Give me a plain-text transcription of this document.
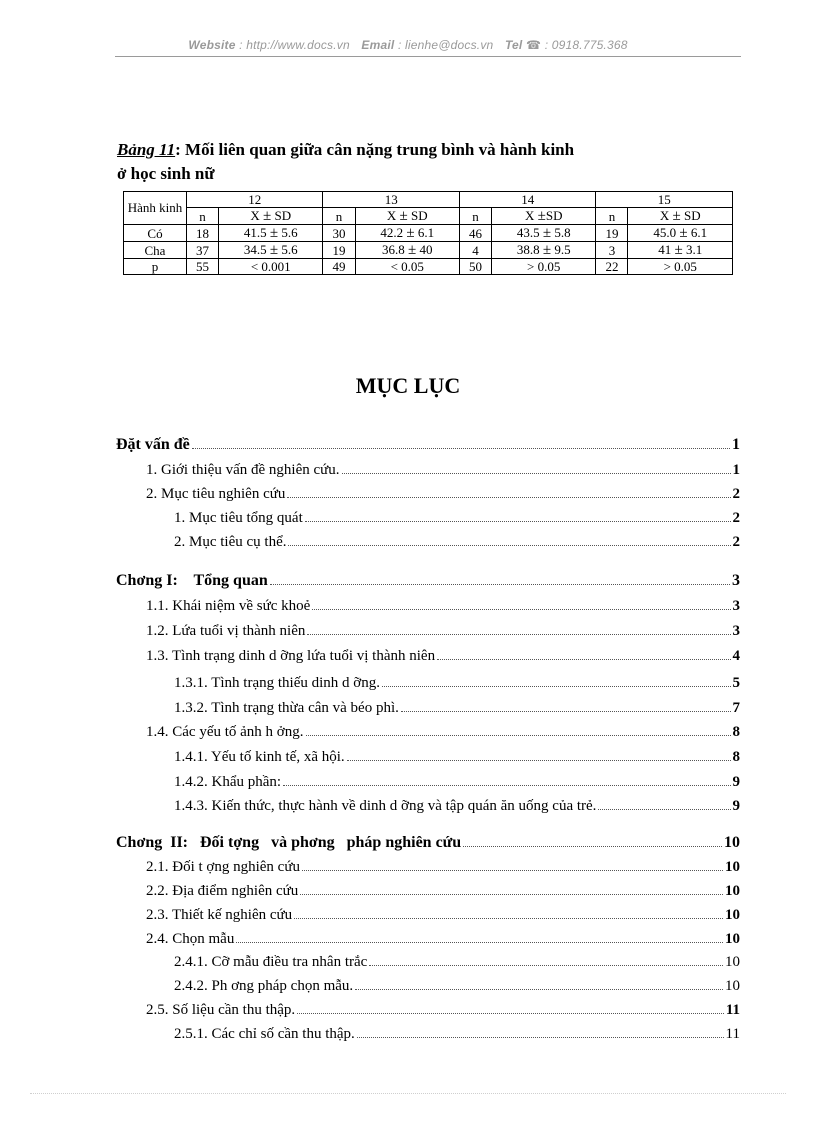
Website : http://www.docs.vn Email : lienhe@docs.vn Tel ☎ : 0918.775.368
Bảng 11: Mối liên quan giữa cân nặng trung bình và hành kinh
ở học sinh nữ
Hành kinh	12		13		14		15	
	n	X ± SD	n	X ± SD	n	X ±SD	n	X ± SD
Có	18	41.5 ± 5.6	30	42.2 ± 6.1	46	43.5 ± 5.8	19	45.0 ± 6.1
Cha	37	34.5 ± 5.6	19	36.8 ± 40	4	38.8 ± 9.5	3	41 ± 3.1
p	55	< 0.001	49	< 0.05	50	> 0.05	22	> 0.05
MỤC LỤC
Đặt vấn đề	1
1. Giới thiệu vấn đề nghiên cứu.	1
2. Mục tiêu nghiên cứu	2
1. Mục tiêu tổng quát	2
2. Mục tiêu cụ thể.	2
Chơng I:    Tổng quan	3
1.1. Khái niệm về sức khoẻ	3
1.2. Lứa tuổi vị thành niên	3
1.3. Tình trạng dinh d ỡng lứa tuổi vị thành niên	4
1.3.1. Tình trạng thiếu dinh d ỡng.	5
1.3.2. Tình trạng thừa cân và béo phì.	7
1.4. Các yếu tố ảnh h ởng.	8
1.4.1. Yếu tố kinh tế, xã hội.	8
1.4.2. Khẩu phần:	9
1.4.3. Kiến thức, thực hành về dinh d ỡng và tập quán ăn uống của trẻ.	9
Chơng  II:   Đối tợng   và phơng   pháp nghiên cứu	10
2.1. Đối t ợng nghiên cứu	10
2.2. Địa điểm nghiên cứu	10
2.3. Thiết kế nghiên cứu	10
2.4. Chọn mẫu	10
2.4.1. Cỡ mẫu điều tra nhân trắc	10
2.4.2. Ph ơng pháp chọn mẫu.	10
2.5. Số liệu cần thu thập.	11
2.5.1. Các chỉ số cần thu thập.	11
